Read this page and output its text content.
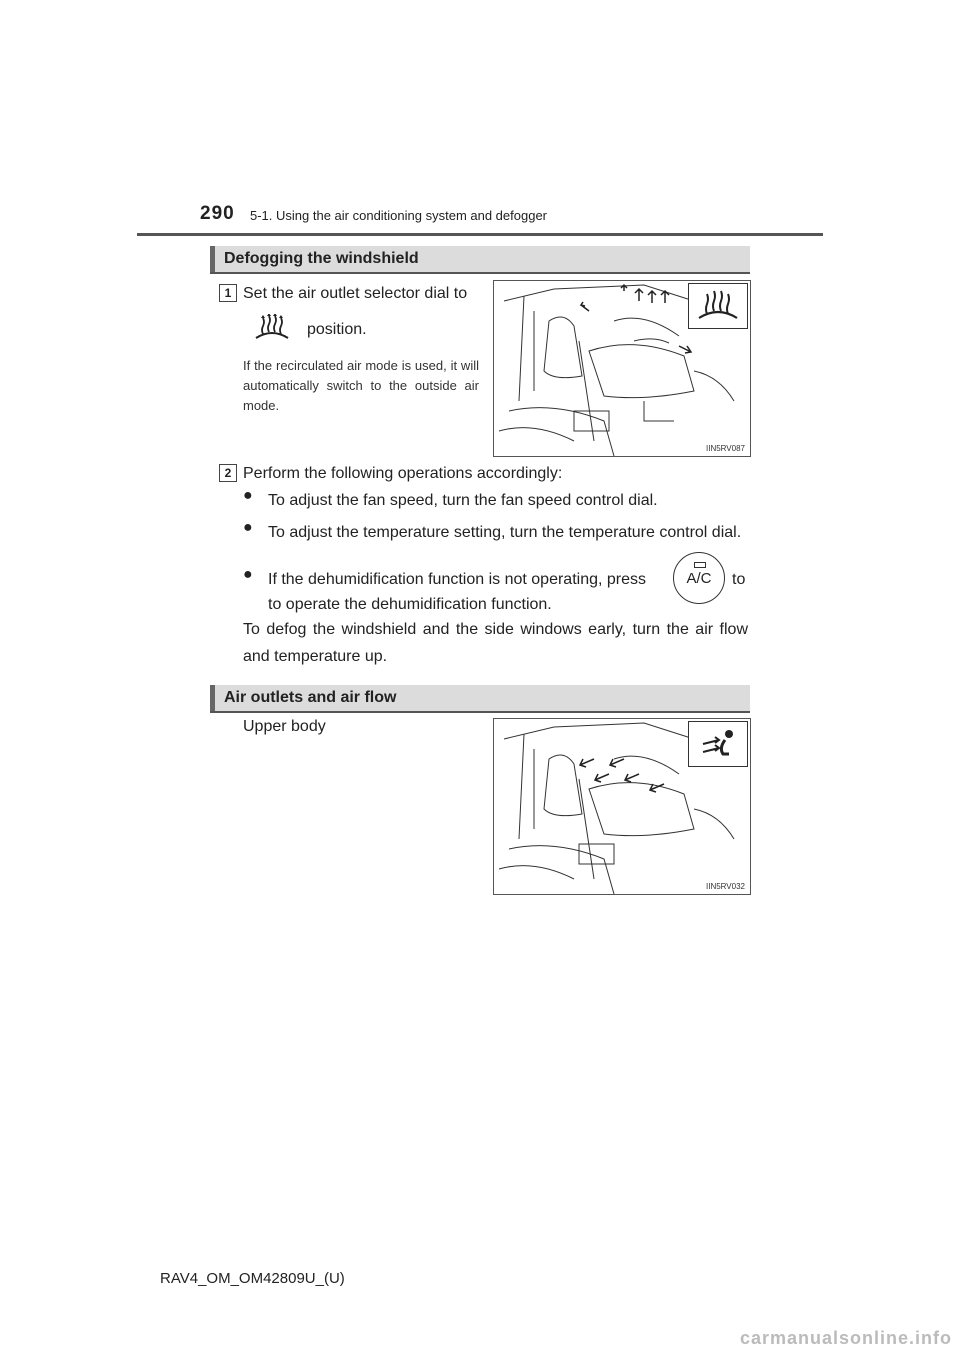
290 5-1. Using the air conditioning system and defogger
Defogging the windshield
1 Set the air outlet selector dial to
position.
If the recirculated air mode is used, it will automatically switch to the outside air mode.
IIN5RV087
2 Perform the following operations accordingly:
● To adjust the fan speed, turn the fan speed control dial.
● To adjust the temperature setting, turn the temperature control dial.
● If the dehumidification function is not operating, press	A/C	to
to operate the dehumidification function.
To defog the windshield and the side windows early, turn the air flow and temperature up.
Air outlets and air flow
Upper body
IIN5RV032
RAV4_OM_OM42809U_(U)
carmanualsonline.info
